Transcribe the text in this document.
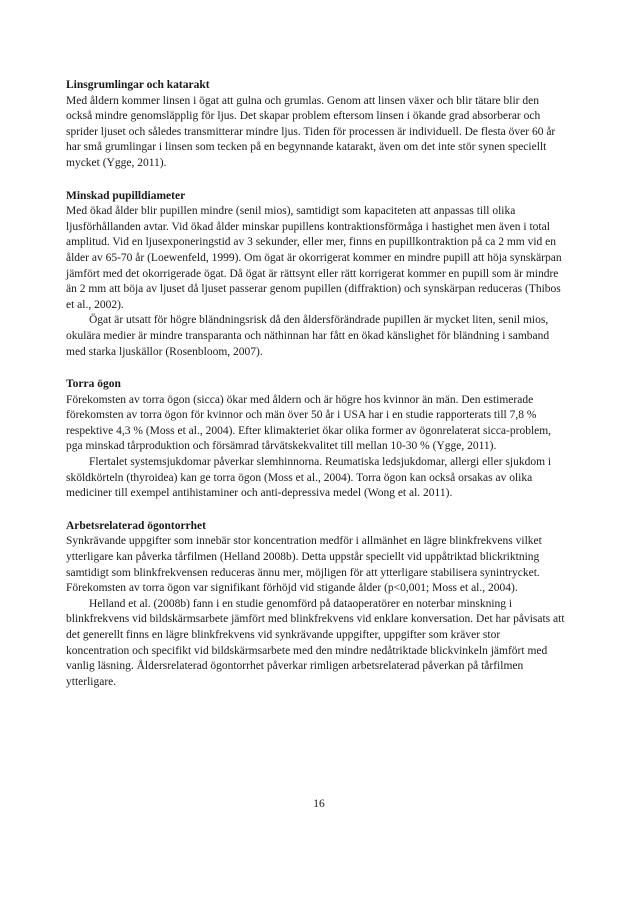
Linsgrumlingar och katarakt

Med åldern kommer linsen i ögat att gulna och grumlas. Genom att linsen växer och blir tätare blir den också mindre genomsläpplig för ljus. Det skapar problem eftersom linsen i ökande grad absorberar och sprider ljuset och således transmitterar mindre ljus. Tiden för processen är individuell. De flesta över 60 år har små grumlingar i linsen som tecken på en begynnande katarakt, även om det inte stör synen speciellt mycket (Ygge, 2011).

Minskad pupilldiameter

Med ökad ålder blir pupillen mindre (senil mios), samtidigt som kapaciteten att anpassas till olika ljusförhållanden avtar. Vid ökad ålder minskar pupillens kontraktionsförmåga i hastighet men även i total amplitud. Vid en ljusexponeringstid av 3 sekunder, eller mer, finns en pupillkontraktion på ca 2 mm vid en ålder av 65-70 år (Loewenfeld, 1999). Om ögat är okorrigerat kommer en mindre pupill att höja synskärpan jämfört med det okorrigerade ögat. Då ögat är rättsynt eller rätt korrigerat kommer en pupill som är mindre än 2 mm att böja av ljuset då ljuset passerar genom pupillen (diffraktion) och synskärpan reduceras (Thibos et al., 2002).

Ögat är utsatt för högre bländningsrisk då den åldersförändrade pupillen är mycket liten, senil mios, okulära medier är mindre transparanta och näthinnan har fått en ökad känslighet för bländning i samband med starka ljuskällor (Rosenbloom, 2007).

Torra ögon

Förekomsten av torra ögon (sicca) ökar med åldern och är högre hos kvinnor än män. Den estimerade förekomsten av torra ögon för kvinnor och män över 50 år i USA har i en studie rapporterats till 7,8 % respektive 4,3 % (Moss et al., 2004). Efter klimakteriet ökar olika former av ögonrelaterat sicca-problem, pga minskad tårproduktion och försämrad tårvätskekvalitet till mellan 10-30 % (Ygge, 2011).

Flertalet systemsjukdomar påverkar slemhinnorna. Reumatiska ledsjukdomar, allergi eller sjukdom i sköldkörteln (thyroidea) kan ge torra ögon (Moss et al., 2004). Torra ögon kan också orsakas av olika mediciner till exempel antihistaminer och anti-depressiva medel (Wong et al. 2011).

Arbetsrelaterad ögontorrhet

Synkrävande uppgifter som innebär stor koncentration medför i allmänhet en lägre blinkfrekvens vilket ytterligare kan påverka tårfilmen (Helland 2008b). Detta uppstår speciellt vid uppåtriktad blickriktning samtidigt som blinkfrekvensen reduceras ännu mer, möjligen för att ytterligare stabilisera synintrycket. Förekomsten av torra ögon var signifikant förhöjd vid stigande ålder (p<0,001; Moss et al., 2004).

Helland et al. (2008b) fann i en studie genomförd på dataoperatörer en noterbar minskning i blinkfrekvens vid bildskärmsarbete jämfört med blinkfrekvens vid enklare konversation. Det har påvisats att det generellt finns en lägre blinkfrekvens vid synkrävande uppgifter, uppgifter som kräver stor koncentration och specifikt vid bildskärmsarbete med den mindre nedåtriktade blickvinkeln jämfört med vanlig läsning. Åldersrelaterad ögontorrhet påverkar rimligen arbetsrelaterad påverkan på tårfilmen ytterligare.

16
